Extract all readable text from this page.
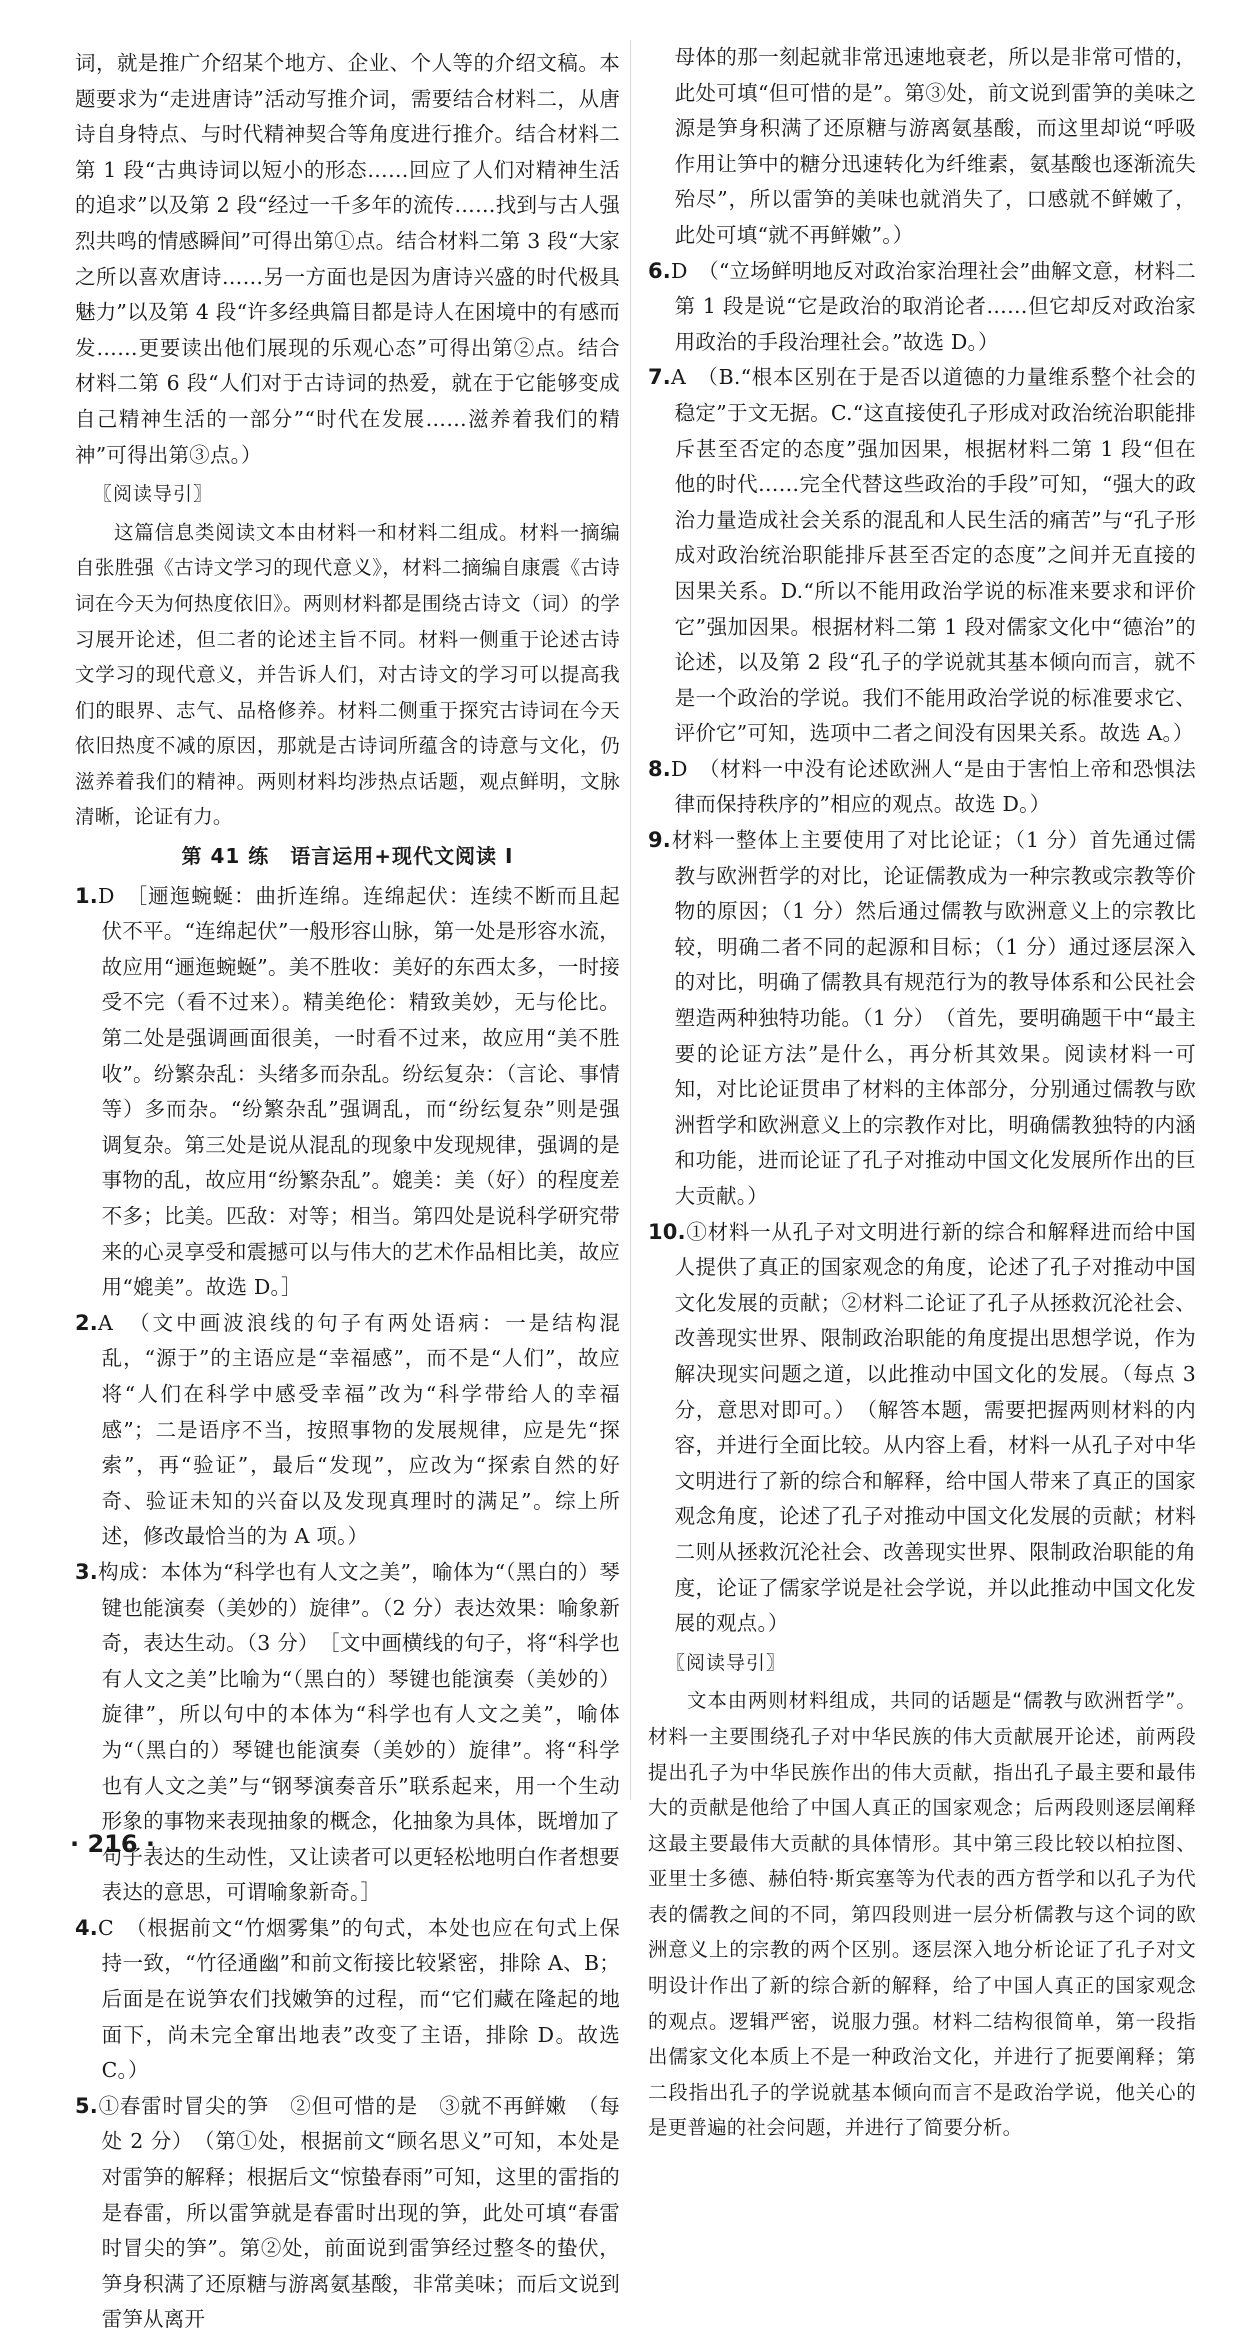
词，就是推广介绍某个地方、企业、个人等的介绍文稿。本题要求为“走进唐诗”活动写推介词，需要结合材料二，从唐诗自身特点、与时代精神契合等角度进行推介。结合材料二第 1 段“古典诗词以短小的形态……回应了人们对精神生活的追求”以及第 2 段“经过一千多年的流传……找到与古人强烈共鸣的情感瞬间”可得出第①点。结合材料二第 3 段“大家之所以喜欢唐诗……另一方面也是因为唐诗兴盛的时代极具魅力”以及第 4 段“许多经典篇目都是诗人在困境中的有感而发……更要读出他们展现的乐观心态”可得出第②点。结合材料二第 6 段“人们对于古诗词的热爱，就在于它能够变成自己精神生活的一部分”“时代在发展……滋养着我们的精神”可得出第③点。）

〖阅读导引〗

这篇信息类阅读文本由材料一和材料二组成。材料一摘编自张胜强《古诗文学习的现代意义》，材料二摘编自康震《古诗词在今天为何热度依旧》。两则材料都是围绕古诗文（词）的学习展开论述，但二者的论述主旨不同。材料一侧重于论述古诗文学习的现代意义，并告诉人们，对古诗文的学习可以提高我们的眼界、志气、品格修养。材料二侧重于探究古诗词在今天依旧热度不减的原因，那就是古诗词所蕴含的诗意与文化，仍滋养着我们的精神。两则材料均涉热点话题，观点鲜明，文脉清晰，论证有力。

第 41 练　语言运用+现代文阅读 Ⅰ

1.D　［逦迤蜿蜒：曲折连绵。连绵起伏：连续不断而且起伏不平。“连绵起伏”一般形容山脉，第一处是形容水流，故应用“逦迤蜿蜒”。美不胜收：美好的东西太多，一时接受不完（看不过来）。精美绝伦：精致美妙，无与伦比。第二处是强调画面很美，一时看不过来，故应用“美不胜收”。纷繁杂乱：头绪多而杂乱。纷纭复杂：（言论、事情等）多而杂。“纷繁杂乱”强调乱，而“纷纭复杂”则是强调复杂。第三处是说从混乱的现象中发现规律，强调的是事物的乱，故应用“纷繁杂乱”。媲美：美（好）的程度差不多；比美。匹敌：对等；相当。第四处是说科学研究带来的心灵享受和震撼可以与伟大的艺术作品相比美，故应用“媲美”。故选 D。］

2.A　（文中画波浪线的句子有两处语病：一是结构混乱，“源于”的主语应是“幸福感”，而不是“人们”，故应将“人们在科学中感受幸福”改为“科学带给人的幸福感”；二是语序不当，按照事物的发展规律，应是先“探索”，再“验证”，最后“发现”，应改为“探索自然的好奇、验证未知的兴奋以及发现真理时的满足”。综上所述，修改最恰当的为 A 项。）

3.构成：本体为“科学也有人文之美”，喻体为“（黑白的）琴键也能演奏（美妙的）旋律”。（2 分）表达效果：喻象新奇，表达生动。（3 分）　［文中画横线的句子，将“科学也有人文之美”比喻为“（黑白的）琴键也能演奏（美妙的）旋律”，所以句中的本体为“科学也有人文之美”，喻体为“（黑白的）琴键也能演奏（美妙的）旋律”。将“科学也有人文之美”与“钢琴演奏音乐”联系起来，用一个生动形象的事物来表现抽象的概念，化抽象为具体，既增加了句子表达的生动性，又让读者可以更轻松地明白作者想要表达的意思，可谓喻象新奇。］

4.C　（根据前文“竹烟雾集”的句式，本处也应在句式上保持一致，“竹径通幽”和前文衔接比较紧密，排除 A、B；后面是在说笋农们找嫩笋的过程，而“它们藏在隆起的地面下，尚未完全窜出地表”改变了主语，排除 D。故选 C。）

5.①春雷时冒尖的笋　②但可惜的是　③就不再鲜嫩　（每处 2 分）　（第①处，根据前文“顾名思义”可知，本处是对雷笋的解释；根据后文“惊蛰春雨”可知，这里的雷指的是春雷，所以雷笋就是春雷时出现的笋，此处可填“春雷时冒尖的笋”。第②处，前面说到雷笋经过整冬的蛰伏，笋身积满了还原糖与游离氨基酸，非常美味；而后文说到雷笋从离开

母体的那一刻起就非常迅速地衰老，所以是非常可惜的，此处可填“但可惜的是”。第③处，前文说到雷笋的美味之源是笋身积满了还原糖与游离氨基酸，而这里却说“呼吸作用让笋中的糖分迅速转化为纤维素，氨基酸也逐渐流失殆尽”，所以雷笋的美味也就消失了，口感就不鲜嫩了，此处可填“就不再鲜嫩”。）

6.D　（“立场鲜明地反对政治家治理社会”曲解文意，材料二第 1 段是说“它是政治的取消论者……但它却反对政治家用政治的手段治理社会。”故选 D。）

7.A　（B.“根本区别在于是否以道德的力量维系整个社会的稳定”于文无据。C.“这直接使孔子形成对政治统治职能排斥甚至否定的态度”强加因果，根据材料二第 1 段“但在他的时代……完全代替这些政治的手段”可知，“强大的政治力量造成社会关系的混乱和人民生活的痛苦”与“孔子形成对政治统治职能排斥甚至否定的态度”之间并无直接的因果关系。D.“所以不能用政治学说的标准来要求和评价它”强加因果。根据材料二第 1 段对儒家文化中“德治”的论述，以及第 2 段“孔子的学说就其基本倾向而言，就不是一个政治的学说。我们不能用政治学说的标准要求它、评价它”可知，选项中二者之间没有因果关系。故选 A。）

8.D　（材料一中没有论述欧洲人“是由于害怕上帝和恐惧法律而保持秩序的”相应的观点。故选 D。）

9.材料一整体上主要使用了对比论证；（1 分）首先通过儒教与欧洲哲学的对比，论证儒教成为一种宗教或宗教等价物的原因；（1 分）然后通过儒教与欧洲意义上的宗教比较，明确二者不同的起源和目标；（1 分）通过逐层深入的对比，明确了儒教具有规范行为的教导体系和公民社会塑造两种独特功能。（1 分）　（首先，要明确题干中“最主要的论证方法”是什么，再分析其效果。阅读材料一可知，对比论证贯串了材料的主体部分，分别通过儒教与欧洲哲学和欧洲意义上的宗教作对比，明确儒教独特的内涵和功能，进而论证了孔子对推动中国文化发展所作出的巨大贡献。）

10.①材料一从孔子对文明进行新的综合和解释进而给中国人提供了真正的国家观念的角度，论述了孔子对推动中国文化发展的贡献；②材料二论证了孔子从拯救沉沦社会、改善现实世界、限制政治职能的角度提出思想学说，作为解决现实问题之道，以此推动中国文化的发展。（每点 3 分，意思对即可。）　（解答本题，需要把握两则材料的内容，并进行全面比较。从内容上看，材料一从孔子对中华文明进行了新的综合和解释，给中国人带来了真正的国家观念角度，论述了孔子对推动中国文化发展的贡献；材料二则从拯救沉沦社会、改善现实世界、限制政治职能的角度，论证了儒家学说是社会学说，并以此推动中国文化发展的观点。）

〖阅读导引〗

文本由两则材料组成，共同的话题是“儒教与欧洲哲学”。材料一主要围绕孔子对中华民族的伟大贡献展开论述，前两段提出孔子为中华民族作出的伟大贡献，指出孔子最主要和最伟大的贡献是他给了中国人真正的国家观念；后两段则逐层阐释这最主要最伟大贡献的具体情形。其中第三段比较以柏拉图、亚里士多德、赫伯特·斯宾塞等为代表的西方哲学和以孔子为代表的儒教之间的不同，第四段则进一层分析儒教与这个词的欧洲意义上的宗教的两个区别。逐层深入地分析论证了孔子对文明设计作出了新的综合新的解释，给了中国人真正的国家观念的观点。逻辑严密，说服力强。材料二结构很简单，第一段指出儒家文化本质上不是一种政治文化，并进行了扼要阐释；第二段指出孔子的学说就基本倾向而言不是政治学说，他关心的是更普遍的社会问题，并进行了简要分析。

· 216 ·
